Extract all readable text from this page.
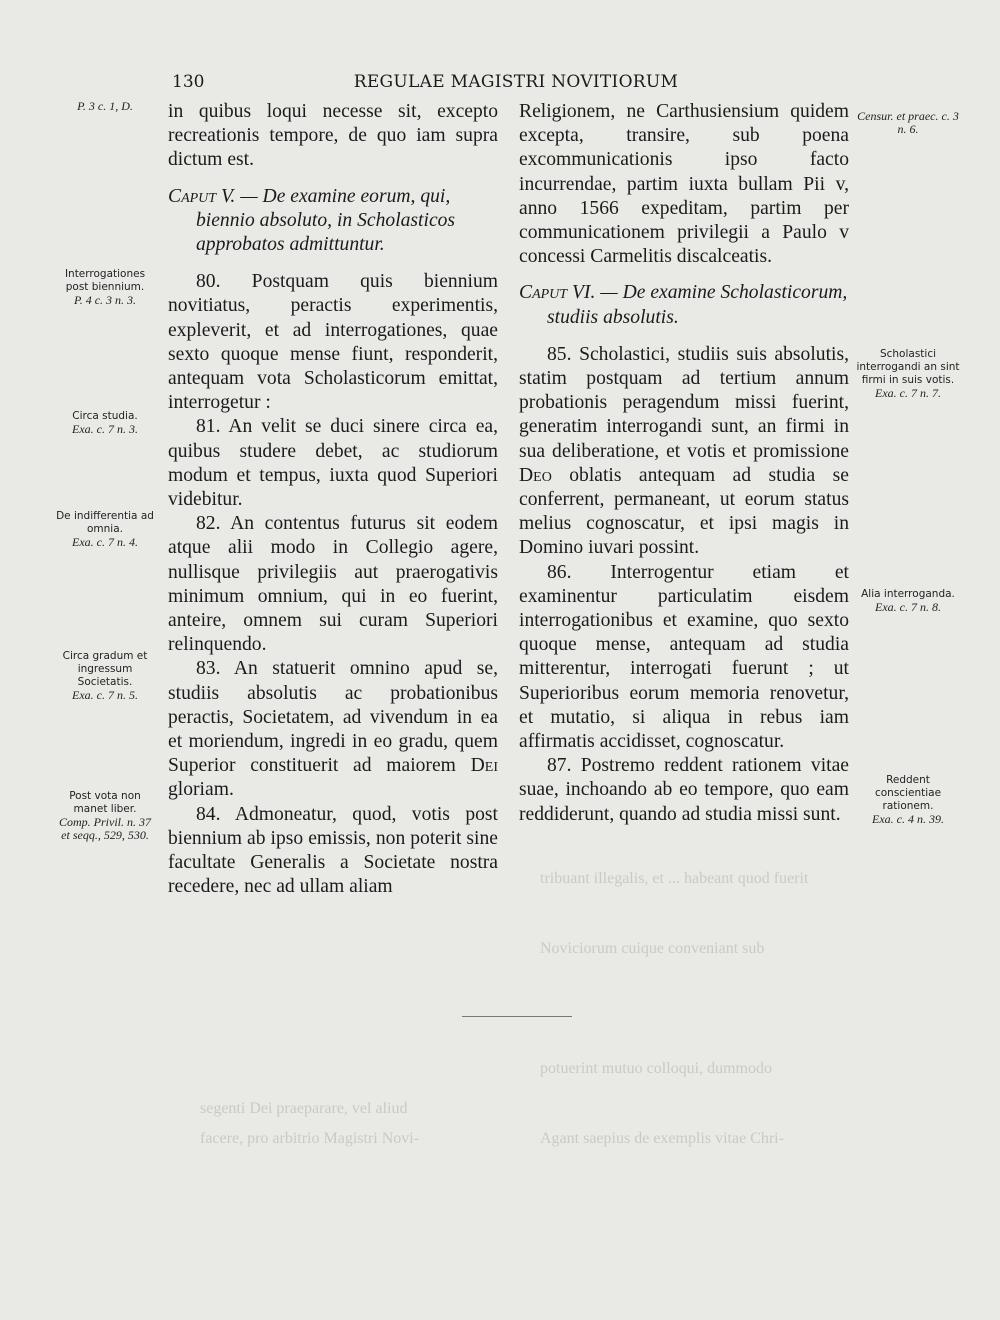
tribuant illegalis, et ... habeant quod fuerit
Noviciorum cuique conveniant sub
potuerint mutuo colloqui, dummodo
Agant saepius de exemplis vitae Chri-
segenti Dei praeparare, vel aliud
facere, pro arbitrio Magistri Novi-
130	REGULAE MAGISTRI NOVITIORUM

in quibus loqui necesse sit, excepto recreationis tempore, de quo iam supra dictum est.

Caput V. — De examine eorum, qui, biennio absoluto, in Scholasticos approbatos admittuntur.

80. Postquam quis biennium novitiatus, peractis experimentis, expleverit, et ad interrogationes, quae sexto quoque mense fiunt, responderit, antequam vota Scholasticorum emittat, interrogetur :

81. An velit se duci sinere circa ea, quibus studere debet, ac studiorum modum et tempus, iuxta quod Superiori videbitur.

82. An contentus futurus sit eodem atque alii modo in Collegio agere, nullisque privilegiis aut praerogativis minimum omnium, qui in eo fuerint, anteire, omnem sui curam Superiori relinquendo.

83. An statuerit omnino apud se, studiis absolutis ac probationibus peractis, Societatem, ad vivendum in ea et moriendum, ingredi in eo gradu, quem Superior constituerit ad maiorem Dei gloriam.

84. Admoneatur, quod, votis post biennium ab ipso emissis, non poterit sine facultate Generalis a Societate nostra recedere, nec ad ullam aliam

Religionem, ne Carthusiensium quidem excepta, transire, sub poena excommunicationis ipso facto incurrendae, partim iuxta bullam Pii v, anno 1566 expeditam, partim per communicationem privilegii a Paulo v concessi Carmelitis discalceatis.

Caput VI. — De examine Scholasticorum, studiis absolutis.

85. Scholastici, studiis suis absolutis, statim postquam ad tertium annum probationis peragendum missi fuerint, generatim interrogandi sunt, an firmi in sua deliberatione, et votis et promissione Deo oblatis antequam ad studia se conferrent, permaneant, ut eorum status melius cognoscatur, et ipsi magis in Domino iuvari possint.

86. Interrogentur etiam et examinentur particulatim eisdem interrogationibus et examine, quo sexto quoque mense, antequam ad studia mitterentur, interrogati fuerunt ; ut Superioribus eorum memoria renovetur, et mutatio, si aliqua in rebus iam affirmatis accidisset, cognoscatur.

87. Postremo reddent rationem vitae suae, inchoando ab eo tempore, quo eam reddiderunt, quando ad studia missi sunt.

P. 3 c. 1, D.
Interrogationes post biennium.
P. 4 c. 3 n. 3.
Circa studia.
Exa. c. 7 n. 3.
De indifferentia ad omnia.
Exa. c. 7 n. 4.
Circa gradum et ingressum Societatis.
Exa. c. 7 n. 5.
Post vota non manet liber.
Comp. Privil. n. 37 et seqq., 529, 530.
Censur. et praec. c. 3 n. 6.
Scholastici interrogandi an sint firmi in suis votis.
Exa. c. 7 n. 7.
Alia interroganda.
Exa. c. 7 n. 8.
Reddent conscientiae rationem.
Exa. c. 4 n. 39.
